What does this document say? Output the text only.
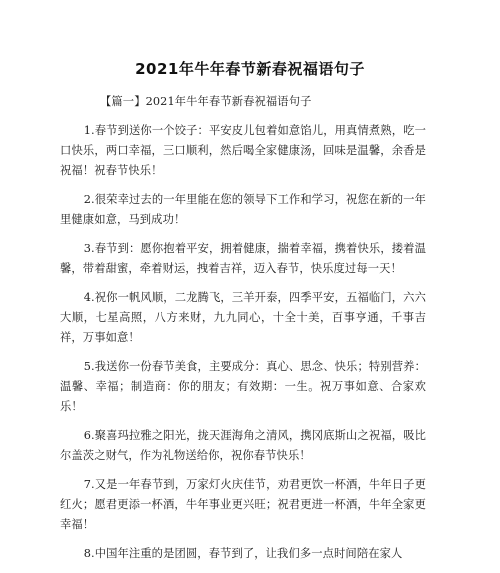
2021年牛年春节新春祝福语句子
【篇一】2021年牛年春节新春祝福语句子

1.春节到送你一个饺子：平安皮儿包着如意馅儿，用真情煮熟，吃一口快乐，两口幸福，三口顺利，然后喝全家健康汤，回味是温馨，余香是祝福！祝春节快乐！

2.很荣幸过去的一年里能在您的领导下工作和学习，祝您在新的一年里健康如意，马到成功！

3.春节到：愿你抱着平安，拥着健康，揣着幸福，携着快乐，搂着温馨，带着甜蜜，牵着财运，拽着吉祥，迈入春节，快乐度过每一天！

4.祝你一帆风顺，二龙腾飞，三羊开泰，四季平安，五福临门，六六大顺，七星高照，八方来财，九九同心，十全十美，百事亨通，千事吉祥，万事如意！

5.我送你一份春节美食，主要成分：真心、思念、快乐；特别营养：温馨、幸福；制造商：你的朋友；有效期：一生。祝万事如意、合家欢乐！

6.聚喜玛拉雅之阳光，拢天涯海角之清风，携冈底斯山之祝福，吸比尔盖茨之财气，作为礼物送给你，祝你春节快乐！

7.又是一年春节到，万家灯火庆佳节，劝君更饮一杯酒，牛年日子更红火；愿君更添一杯酒，牛年事业更兴旺；祝君更进一杯酒，牛年全家更幸福！

8.中国年注重的是团圆，春节到了，让我们多一点时间陪在家人
